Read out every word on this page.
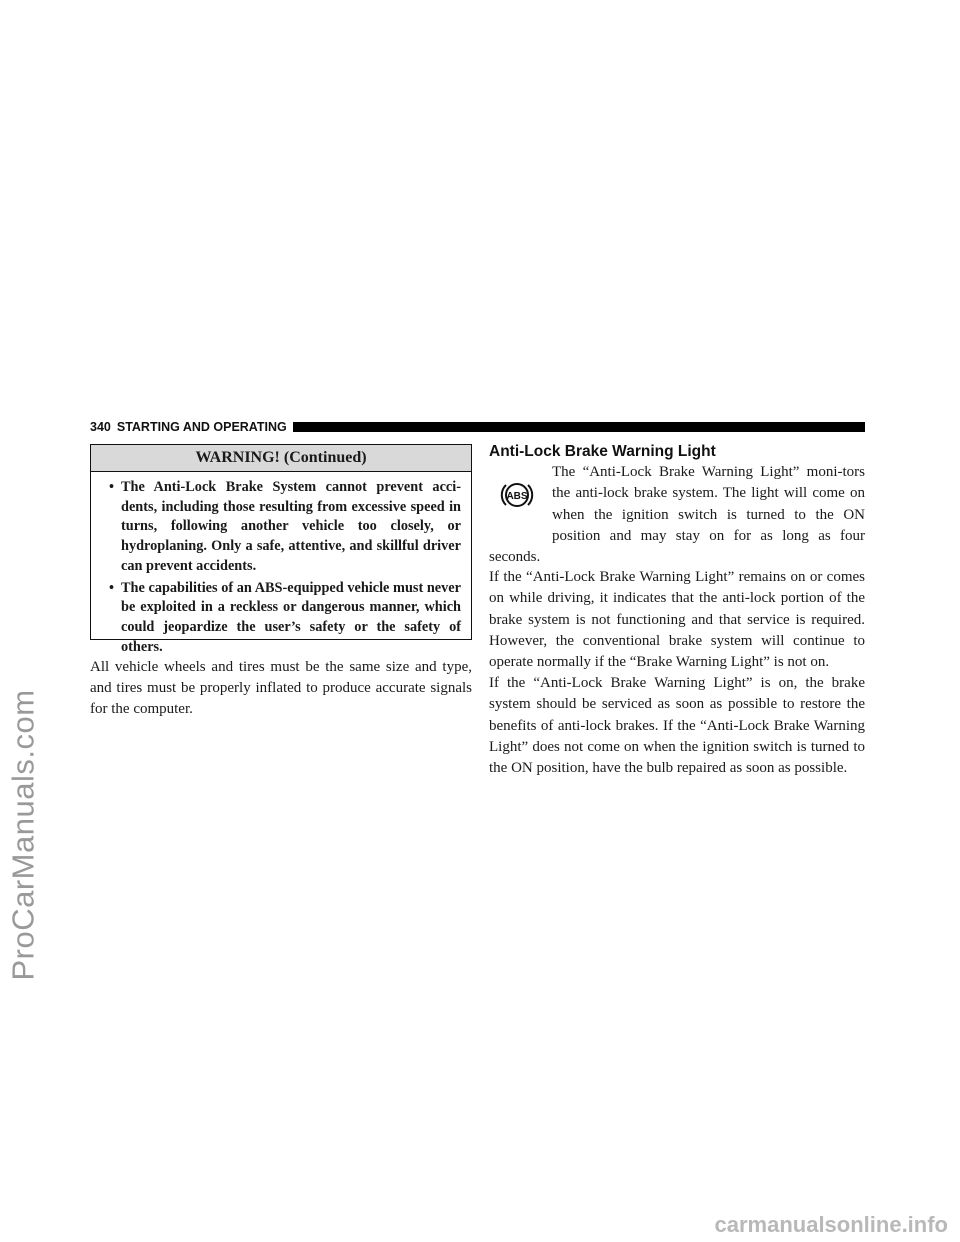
ProCarManuals.com
340 STARTING AND OPERATING
WARNING! (Continued)
• The Anti-Lock Brake System cannot prevent acci-dents, including those resulting from excessive speed in turns, following another vehicle too closely, or hydroplaning. Only a safe, attentive, and skillful driver can prevent accidents.
• The capabilities of an ABS-equipped vehicle must never be exploited in a reckless or dangerous manner, which could jeopardize the user’s safety or the safety of others.

All vehicle wheels and tires must be the same size and type, and tires must be properly inflated to produce accurate signals for the computer.

Anti-Lock Brake Warning Light

The “Anti-Lock Brake Warning Light” moni-tors the anti-lock brake system. The light will come on when the ignition switch is turned to the ON position and may stay on for as long as four seconds.

ABS

If the “Anti-Lock Brake Warning Light” remains on or comes on while driving, it indicates that the anti-lock portion of the brake system is not functioning and that service is required. However, the conventional brake system will continue to operate normally if the “Brake Warning Light” is not on.

If the “Anti-Lock Brake Warning Light” is on, the brake system should be serviced as soon as possible to restore the benefits of anti-lock brakes. If the “Anti-Lock Brake Warning Light” does not come on when the ignition switch is turned to the ON position, have the bulb repaired as soon as possible.

carmanualsonline.info
